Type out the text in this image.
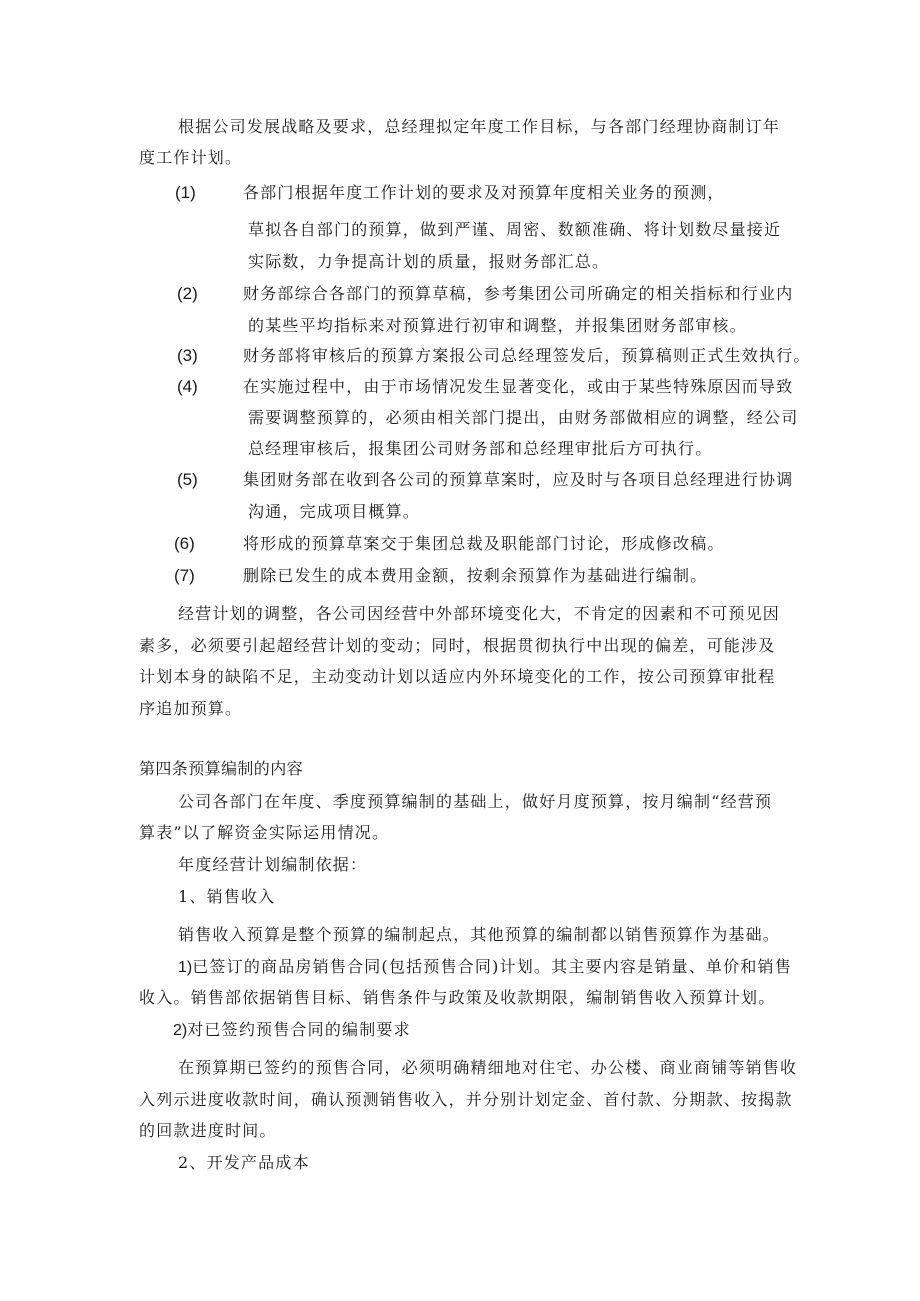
根据公司发展战略及要求，总经理拟定年度工作目标，与各部门经理协商制订年
度工作计划。
(1)	各部门根据年度工作计划的要求及对预算年度相关业务的预测，
草拟各自部门的预算，做到严谨、周密、数额准确、将计划数尽量接近
实际数，力争提高计划的质量，报财务部汇总。
(2)	财务部综合各部门的预算草稿，参考集团公司所确定的相关指标和行业内
的某些平均指标来对预算进行初审和调整，并报集团财务部审核。
(3)	财务部将审核后的预算方案报公司总经理签发后，预算稿则正式生效执行。
(4)	在实施过程中，由于市场情况发生显著变化，或由于某些特殊原因而导致
需要调整预算的，必须由相关部门提出，由财务部做相应的调整，经公司
总经理审核后，报集团公司财务部和总经理审批后方可执行。
(5)	集团财务部在收到各公司的预算草案时，应及时与各项目总经理进行协调
沟通，完成项目概算。
(6)	将形成的预算草案交于集团总裁及职能部门讨论，形成修改稿。
(7)	删除已发生的成本费用金额，按剩余预算作为基础进行编制。
经营计划的调整，各公司因经营中外部环境变化大，不肯定的因素和不可预见因
素多，必须要引起超经营计划的变动；同时，根据贯彻执行中出现的偏差，可能涉及
计划本身的缺陷不足，主动变动计划以适应内外环境变化的工作，按公司预算审批程
序追加预算。
第四条预算编制的内容
公司各部门在年度、季度预算编制的基础上，做好月度预算，按月编制“经营预
算表”以了解资金实际运用情况。
年度经营计划编制依据：
1、销售收入
销售收入预算是整个预算的编制起点，其他预算的编制都以销售预算作为基础。
1)已签订的商品房销售合同(包括预售合同)计划。其主要内容是销量、单价和销售
收入。销售部依据销售目标、销售条件与政策及收款期限，编制销售收入预算计划。
2)对已签约预售合同的编制要求
在预算期已签约的预售合同，必须明确精细地对住宅、办公楼、商业商铺等销售收
入列示进度收款时间，确认预测销售收入，并分别计划定金、首付款、分期款、按揭款
的回款进度时间。
2、开发产品成本
